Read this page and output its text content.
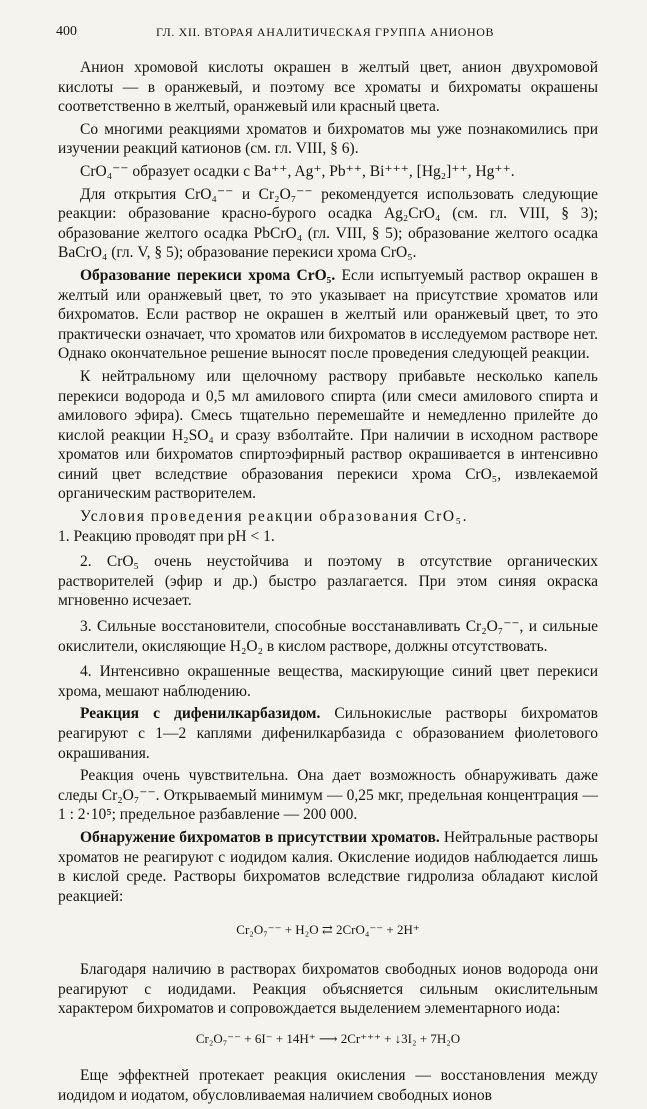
400	ГЛ. XII. ВТОРАЯ АНАЛИТИЧЕСКАЯ ГРУППА АНИОНОВ

Анион хромовой кислоты окрашен в желтый цвет, анион двухромовой кислоты — в оранжевый, и поэтому все хроматы и бихроматы окрашены соответственно в желтый, оранжевый или красный цвета.

Со многими реакциями хроматов и бихроматов мы уже познакомились при изучении реакций катионов (см. гл. VIII, § 6).

CrO₄⁻⁻ образует осадки с Ba⁺⁺, Ag⁺, Pb⁺⁺, Bi⁺⁺⁺, [Hg₂]⁺⁺, Hg⁺⁺.

Для открытия CrO₄⁻⁻ и Cr₂O₇⁻⁻ рекомендуется использовать следующие реакции: образование красно-бурого осадка Ag₂CrO₄ (см. гл. VIII, § 3); образование желтого осадка PbCrO₄ (гл. VIII, § 5); образование желтого осадка BaCrO₄ (гл. V, § 5); образование перекиси хрома CrO₅.

Образование перекиси хрома CrO₅. Если испытуемый раствор окрашен в желтый или оранжевый цвет, то это указывает на присутствие хроматов или бихроматов. Если раствор не окрашен в желтый или оранжевый цвет, то это практически означает, что хроматов или бихроматов в исследуемом растворе нет. Однако окончательное решение выносят после проведения следующей реакции.

К нейтральному или щелочному раствору прибавьте несколько капель перекиси водорода и 0,5 мл амилового спирта (или смеси амилового спирта и амилового эфира). Смесь тщательно перемешайте и немедленно прилейте до кислой реакции H₂SO₄ и сразу взболтайте. При наличии в исходном растворе хроматов или бихроматов спиртоэфирный раствор окрашивается в интенсивно синий цвет вследствие образования перекиси хрома CrO₅, извлекаемой органическим растворителем.

Условия проведения реакции образования CrO₅.

1. Реакцию проводят при pH < 1.

2. CrO₅ очень неустойчива и поэтому в отсутствие органических растворителей (эфир и др.) быстро разлагается. При этом синяя окраска мгновенно исчезает.

3. Сильные восстановители, способные восстанавливать Cr₂O₇⁻⁻, и сильные окислители, окисляющие H₂O₂ в кислом растворе, должны отсутствовать.

4. Интенсивно окрашенные вещества, маскирующие синий цвет перекиси хрома, мешают наблюдению.

Реакция с дифенилкарбазидом. Сильнокислые растворы бихроматов реагируют с 1—2 каплями дифенилкарбазида с образованием фиолетового окрашивания.

Реакция очень чувствительна. Она дает возможность обнаруживать даже следы Cr₂O₇⁻⁻. Открываемый минимум — 0,25 мкг, предельная концентрация — 1 : 2·10⁵; предельное разбавление — 200 000.

Обнаружение бихроматов в присутствии хроматов. Нейтральные растворы хроматов не реагируют с иодидом калия. Окисление иодидов наблюдается лишь в кислой среде. Растворы бихроматов вследствие гидролиза обладают кислой реакцией:

Cr₂O₇⁻⁻ + H₂O ⇄ 2CrO₄⁻⁻ + 2H⁺

Благодаря наличию в растворах бихроматов свободных ионов водорода они реагируют с иодидами. Реакция объясняется сильным окислительным характером бихроматов и сопровождается выделением элементарного иода:

Cr₂O₇⁻⁻ + 6I⁻ + 14H⁺ ⟶ 2Cr⁺⁺⁺ + ↓3I₂ + 7H₂O

Еще эффектней протекает реакция окисления — восстановления между иодидом и иодатом, обусловливаемая наличием свободных ионов
